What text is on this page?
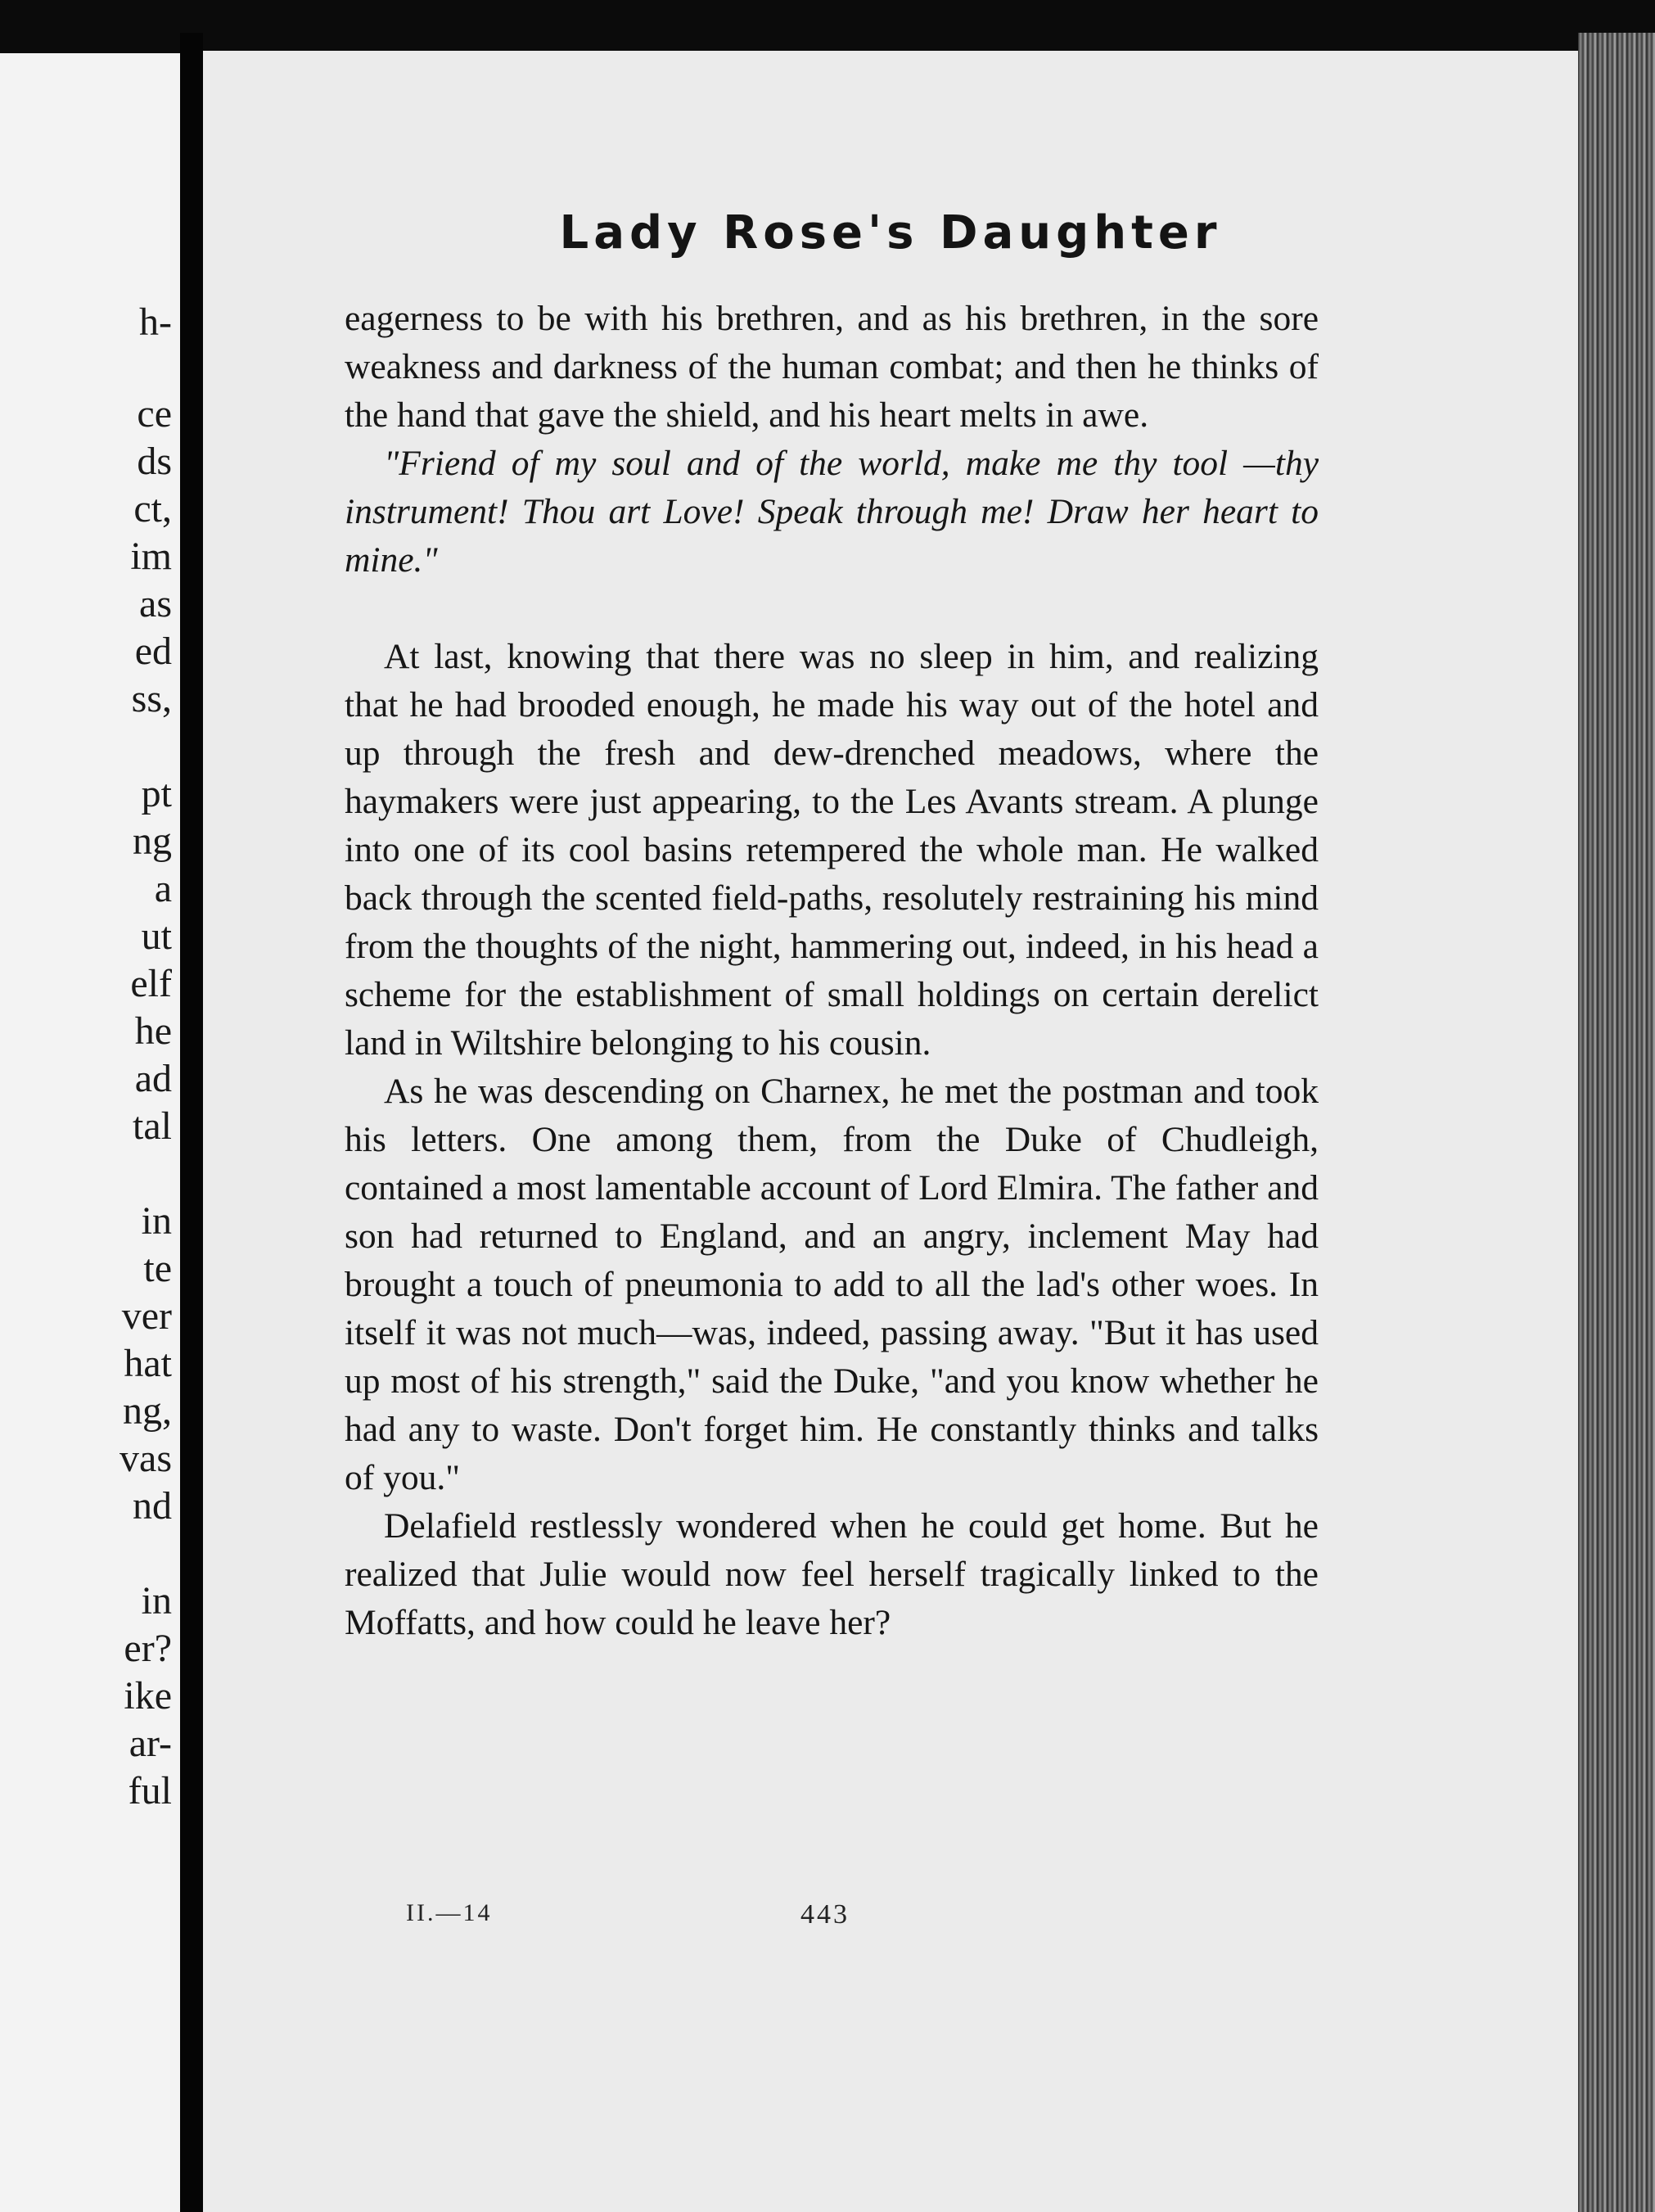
h-
ce
ds
ct,
im
as
ed
ss,
pt
ng
a
ut
elf
he
ad
tal
in
te
ver
hat
ng,
vas
nd
in
er?
ike
ar-
ful
Lady Rose's Daughter

eagerness to be with his brethren, and as his brethren, in the sore weakness and darkness of the human combat; and then he thinks of the hand that gave the shield, and his heart melts in awe.

"Friend of my soul and of the world, make me thy tool —thy instrument! Thou art Love! Speak through me! Draw her heart to mine."

At last, knowing that there was no sleep in him, and realizing that he had brooded enough, he made his way out of the hotel and up through the fresh and dew-drenched meadows, where the haymakers were just appearing, to the Les Avants stream. A plunge into one of its cool basins retempered the whole man. He walked back through the scented field-paths, resolutely restraining his mind from the thoughts of the night, hammering out, indeed, in his head a scheme for the establishment of small holdings on certain derelict land in Wiltshire belonging to his cousin.

As he was descending on Charnex, he met the postman and took his letters. One among them, from the Duke of Chudleigh, contained a most lamentable account of Lord Elmira. The father and son had returned to England, and an angry, inclement May had brought a touch of pneumonia to add to all the lad's other woes. In itself it was not much—was, indeed, passing away. "But it has used up most of his strength," said the Duke, "and you know whether he had any to waste. Don't forget him. He constantly thinks and talks of you."

Delafield restlessly wondered when he could get home. But he realized that Julie would now feel herself tragically linked to the Moffatts, and how could he leave her?

II.—14	443
